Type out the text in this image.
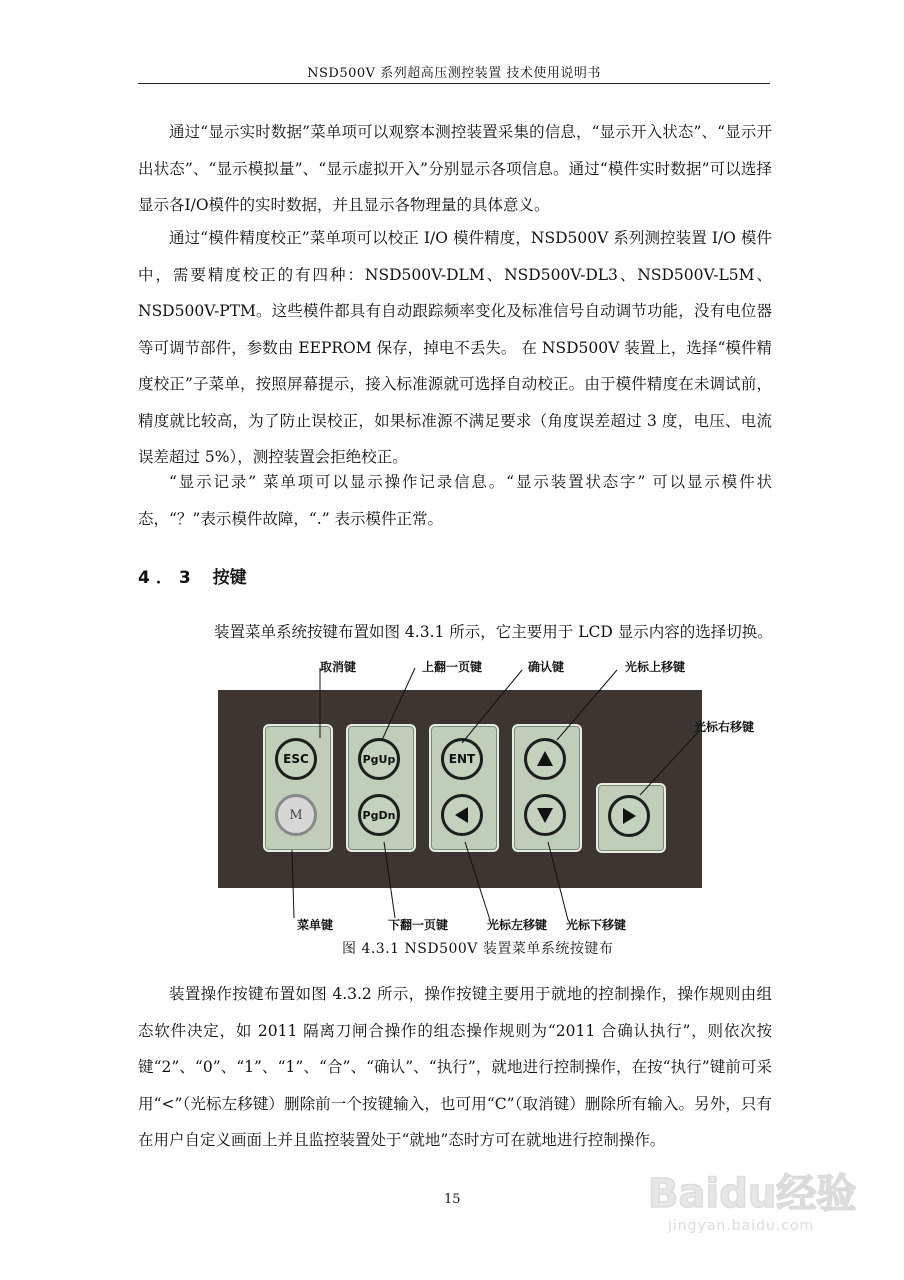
NSD500V 系列超高压测控装置 技术使用说明书

通过“显示实时数据”菜单项可以观察本测控装置采集的信息，“显示开入状态”、“显示开出状态”、“显示模拟量”、“显示虚拟开入”分别显示各项信息。通过“模件实时数据”可以选择显示各I/O模件的实时数据，并且显示各物理量的具体意义。

通过“模件精度校正”菜单项可以校正 I/O 模件精度，NSD500V 系列测控装置 I/O 模件中，需要精度校正的有四种：NSD500V-DLM、NSD500V-DL3、NSD500V-L5M、NSD500V-PTM。这些模件都具有自动跟踪频率变化及标准信号自动调节功能，没有电位器等可调节部件，参数由 EEPROM 保存，掉电不丢失。 在 NSD500V 装置上，选择“模件精度校正”子菜单，按照屏幕提示，接入标准源就可选择自动校正。由于模件精度在未调试前，精度就比较高，为了防止误校正，如果标准源不满足要求（角度误差超过 3 度，电压、电流误差超过 5%），测控装置会拒绝校正。

“显示记录” 菜单项可以显示操作记录信息。“显示装置状态字” 可以显示模件状态，“？”表示模件故障，“.” 表示模件正常。

4．3 按键
装置菜单系统按键布置如图 4.3.1 所示，它主要用于 LCD 显示内容的选择切换。
ESC
M
PgUp
PgDn
ENT
取消键	上翻一页键	确认键	光标上移键
光标右移键
菜单键	下翻一页键	光标左移键 光标下移键
图 4.3.1 NSD500V 装置菜单系统按键布

装置操作按键布置如图 4.3.2 所示，操作按键主要用于就地的控制操作，操作规则由组态软件决定，如 2011 隔离刀闸合操作的组态操作规则为“2011 合确认执行”，则依次按键“2”、“0”、“1”、“1”、“合”、“确认”、“执行”，就地进行控制操作，在按“执行”键前可采用“<”（光标左移键）删除前一个按键输入，也可用“C”（取消键）删除所有输入。另外，只有在用户自定义画面上并且监控装置处于“就地”态时方可在就地进行控制操作。

15	Baidu经验
jingyan.baidu.com
